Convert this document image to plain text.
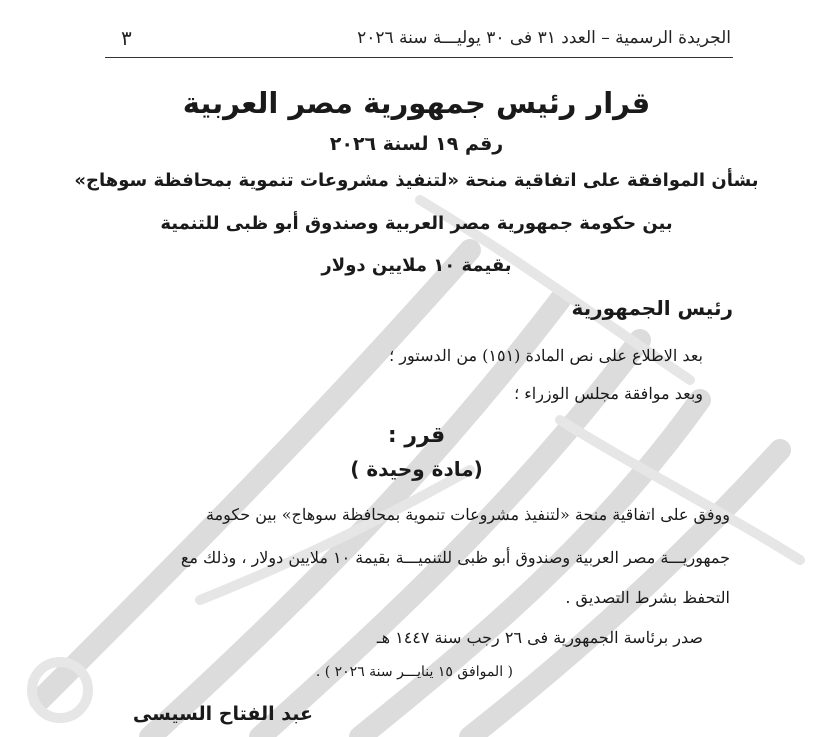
الجريدة الرسمية – العدد ٣١ فى ٣٠ يوليـــة سنة ٢٠٢٦
٣
قرار رئيس جمهورية مصر العربية
رقم ١٩ لسنة ٢٠٢٦
بشأن الموافقة على اتفاقية منحة «لتنفيذ مشروعات تنموية بمحافظة سوهاج»
بين حكومة جمهورية مصر العربية وصندوق أبو ظبى للتنمية
بقيمة ١٠ ملايين دولار
رئيس الجمهورية
بعد الاطلاع على نص المادة (١٥١) من الدستور ؛
وبعد موافقة مجلس الوزراء ؛
قرر :
(مادة وحيدة )
ووفق على اتفاقية منحة «لتنفيذ مشروعات تنموية بمحافظة سوهاج» بين حكومة
جمهوريـــة مصر العربية وصندوق أبو ظبى للتنميـــة بقيمة ١٠ ملايين دولار ، وذلك مع
التحفظ بشرط التصديق .
صدر برئاسة الجمهورية فى ٢٦ رجب سنة ١٤٤٧ هـ
( الموافق ١٥ ينايـــر سنة ٢٠٢٦ ) .
عبد الفتاح السيسى
